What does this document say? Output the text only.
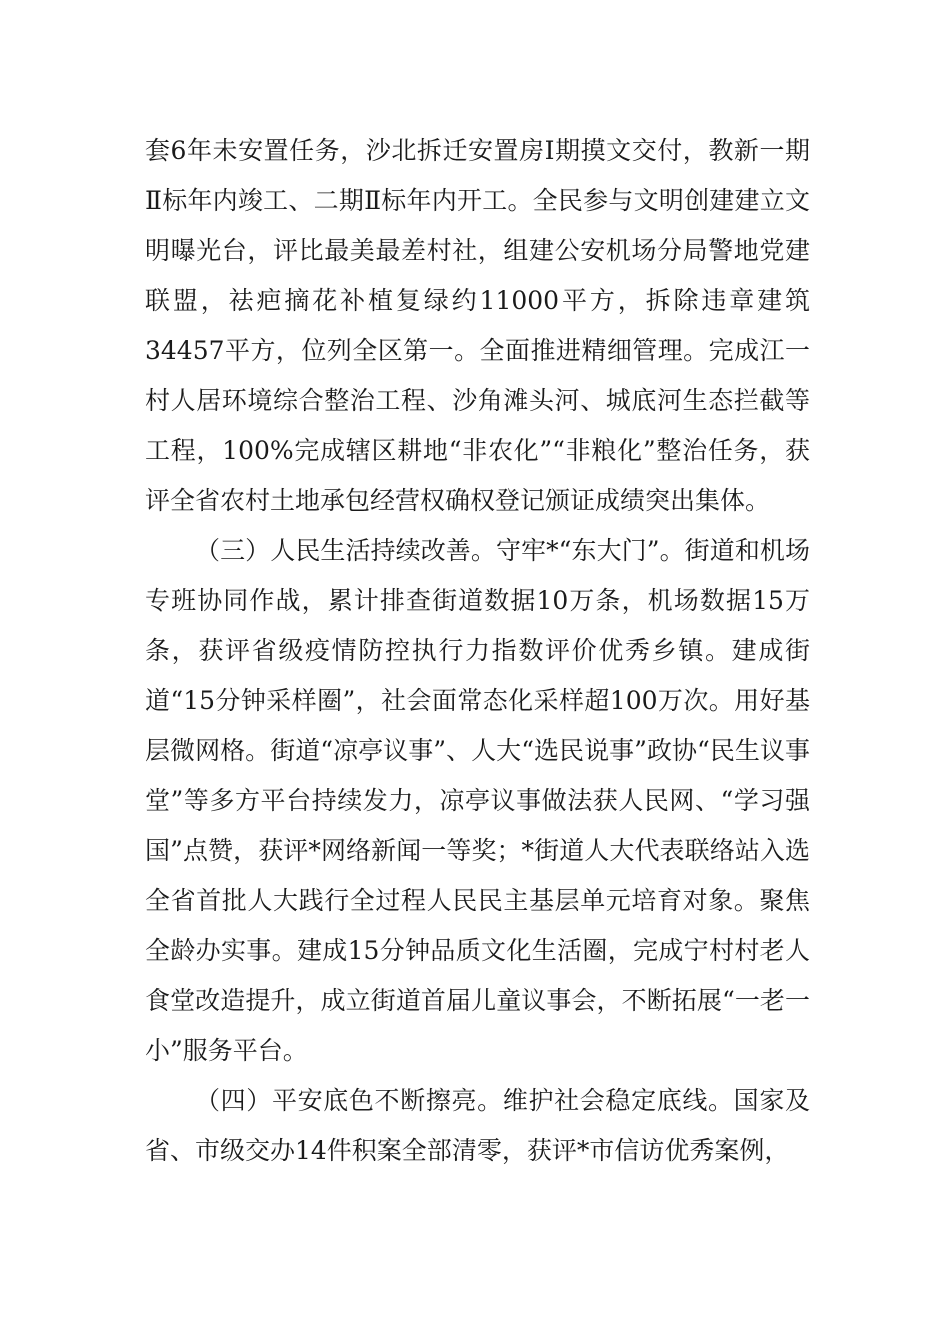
套6年未安置任务，沙北拆迁安置房Ⅰ期摸文交付，教新一期Ⅱ标年内竣工、二期Ⅱ标年内开工。全民参与文明创建建立文明曝光台，评比最美最差村社，组建公安机场分局警地党建联盟，祛疤摘花补植复绿约11000平方，拆除违章建筑34457平方，位列全区第一。全面推进精细管理。完成江一村人居环境综合整治工程、沙角滩头河、城底河生态拦截等工程，100%完成辖区耕地“非农化”“非粮化”整治任务，获评全省农村土地承包经营权确权登记颁证成绩突出集体。

（三）人民生活持续改善。守牢*“东大门”。街道和机场专班协同作战，累计排查街道数据10万条，机场数据15万条，获评省级疫情防控执行力指数评价优秀乡镇。建成街道“15分钟采样圈”，社会面常态化采样超100万次。用好基层微网格。街道“凉亭议事”、人大“选民说事”政协“民生议事堂”等多方平台持续发力，凉亭议事做法获人民网、“学习强国”点赞，获评*网络新闻一等奖；*街道人大代表联络站入选全省首批人大践行全过程人民民主基层单元培育对象。聚焦全龄办实事。建成15分钟品质文化生活圈，完成宁村村老人食堂改造提升，成立街道首届儿童议事会，不断拓展“一老一小”服务平台。

（四）平安底色不断擦亮。维护社会稳定底线。国家及省、市级交办14件积案全部清零，获评*市信访优秀案例，
